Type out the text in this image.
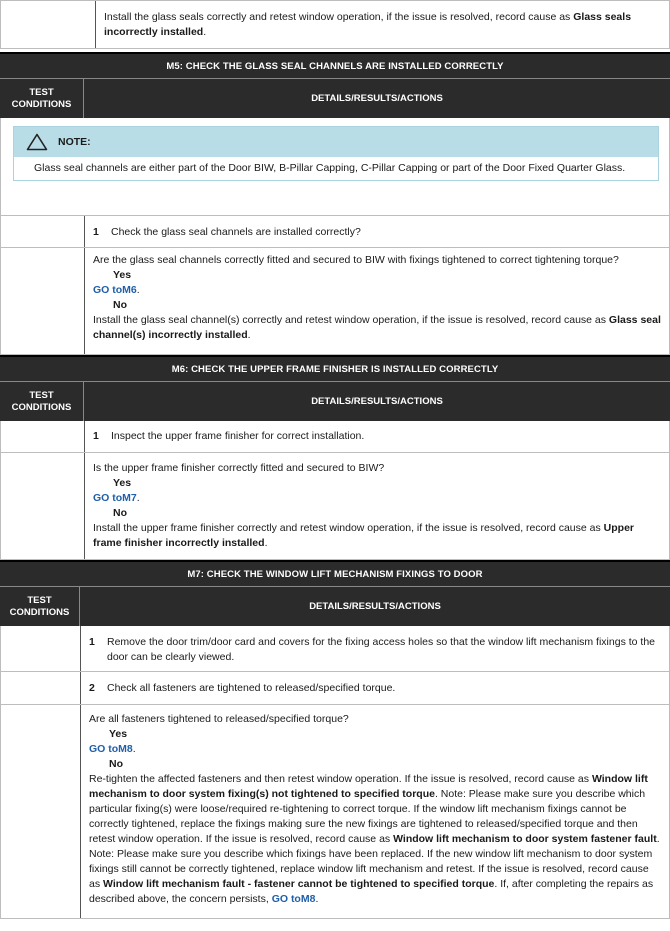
Install the glass seals correctly and retest window operation, if the issue is resolved, record cause as Glass seals incorrectly installed.
M5: CHECK THE GLASS SEAL CHANNELS ARE INSTALLED CORRECTLY
TEST CONDITIONS	DETAILS/RESULTS/ACTIONS
NOTE:
Glass seal channels are either part of the Door BIW, B-Pillar Capping, C-Pillar Capping or part of the Door Fixed Quarter Glass.
1	Check the glass seal channels are installed correctly?
Are the glass seal channels correctly fitted and secured to BIW with fixings tightened to correct tightening torque?
Yes
GO toM6.
No
Install the glass seal channel(s) correctly and retest window operation, if the issue is resolved, record cause as Glass seal channel(s) incorrectly installed.
M6: CHECK THE UPPER FRAME FINISHER IS INSTALLED CORRECTLY
TEST CONDITIONS	DETAILS/RESULTS/ACTIONS
1	Inspect the upper frame finisher for correct installation.
Is the upper frame finisher correctly fitted and secured to BIW?
Yes
GO toM7.
No
Install the upper frame finisher correctly and retest window operation, if the issue is resolved, record cause as Upper frame finisher incorrectly installed.
M7: CHECK THE WINDOW LIFT MECHANISM FIXINGS TO DOOR
TEST CONDITIONS	DETAILS/RESULTS/ACTIONS
1	Remove the door trim/door card and covers for the fixing access holes so that the window lift mechanism fixings to the door can be clearly viewed.
2	Check all fasteners are tightened to released/specified torque.
Are all fasteners tightened to released/specified torque?
Yes
GO toM8.
No
Re-tighten the affected fasteners and then retest window operation. If the issue is resolved, record cause as Window lift mechanism to door system fixing(s) not tightened to specified torque. Note: Please make sure you describe which particular fixing(s) were loose/required re-tightening to correct torque. If the window lift mechanism fixings cannot be correctly tightened, replace the fixings making sure the new fixings are tightened to released/specified torque and then retest window operation. If the issue is resolved, record cause as Window lift mechanism to door system fastener fault. Note: Please make sure you describe which fixings have been replaced. If the new window lift mechanism to door system fixings still cannot be correctly tightened, replace window lift mechanism and retest. If the issue is resolved, record cause as Window lift mechanism fault - fastener cannot be tightened to specified torque. If, after completing the repairs as described above, the concern persists, GO toM8.
